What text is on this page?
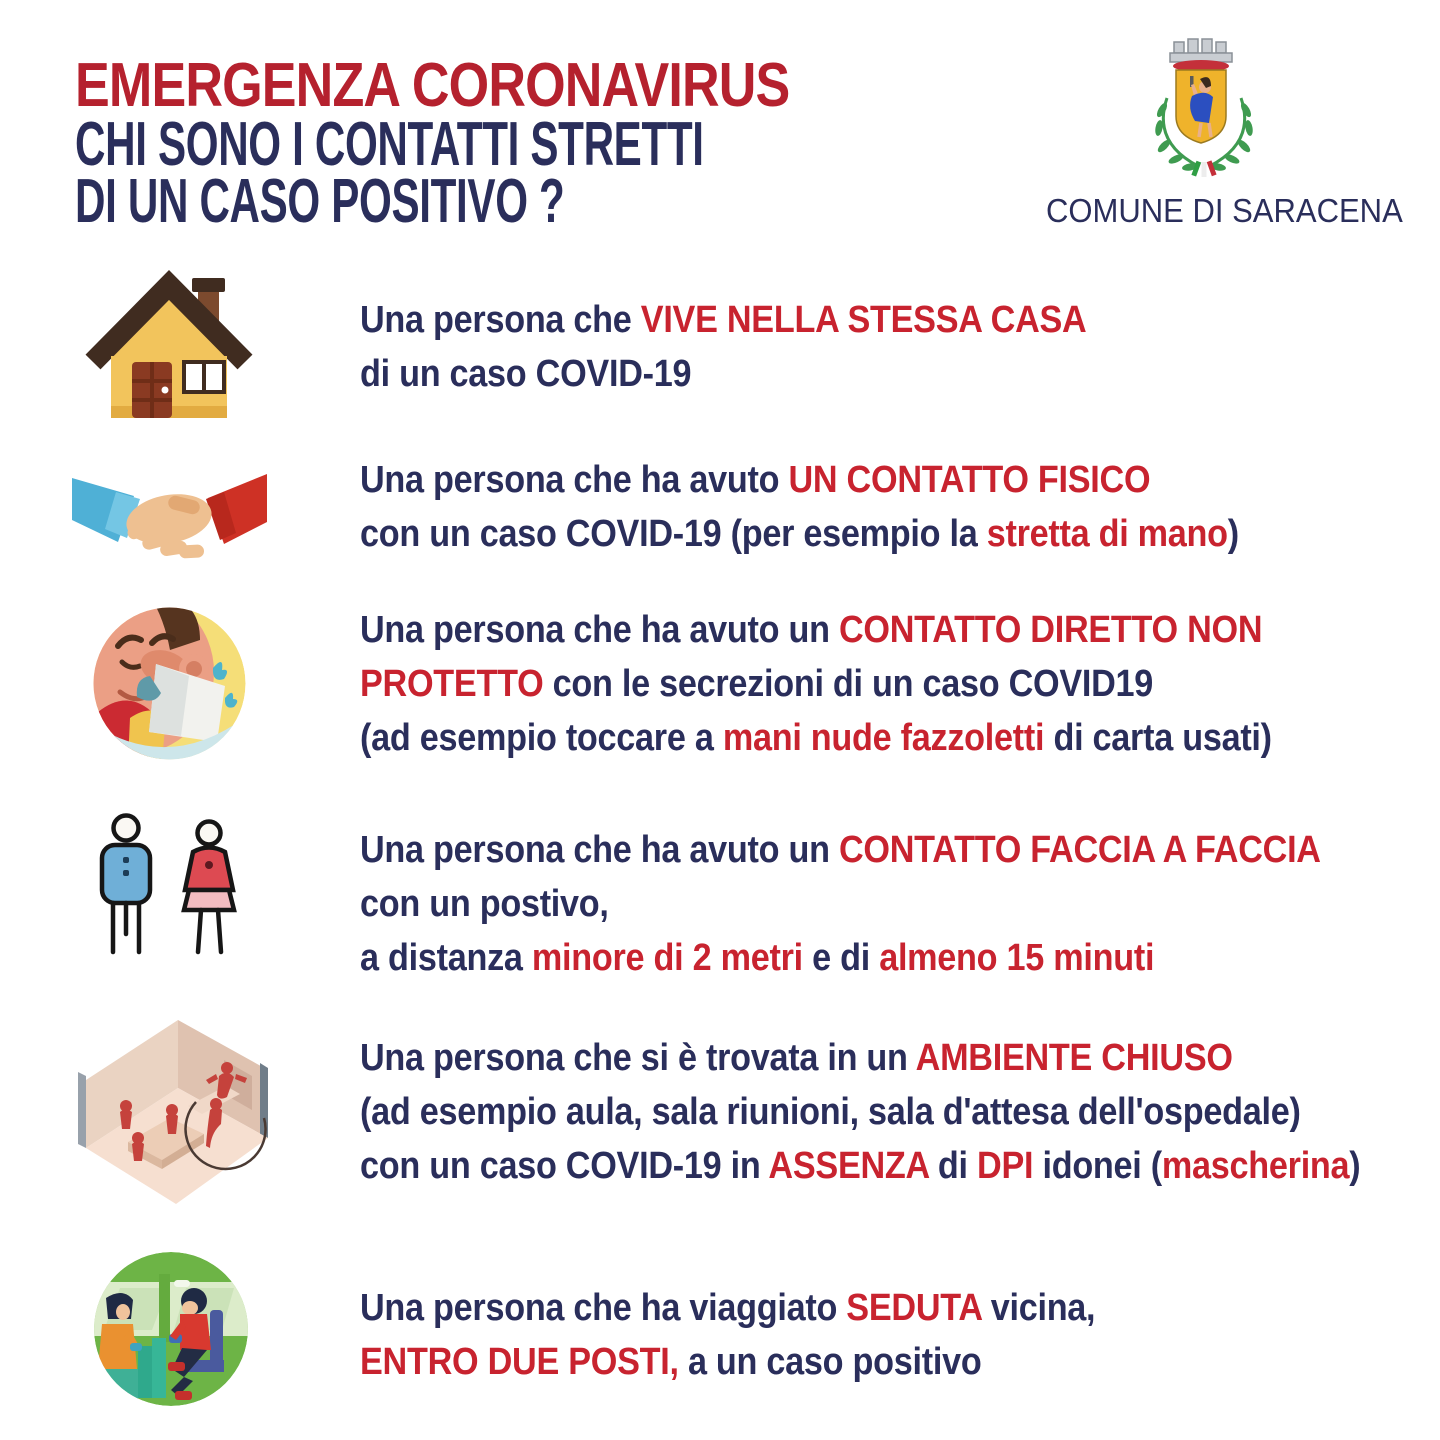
EMERGENZA CORONAVIRUS
CHI SONO I CONTATTI STRETTI
DI UN CASO POSITIVO ?	COMUNE DI SARACENA
Una persona che VIVE NELLA STESSA CASA
di un caso COVID-19
Una persona che ha avuto UN CONTATTO FISICO
con un caso COVID-19 (per esempio la stretta di mano)
Una persona che ha avuto un CONTATTO DIRETTO NON
PROTETTO con le secrezioni di un caso COVID19
(ad esempio toccare a mani nude fazzoletti di carta usati)
Una persona che ha avuto un CONTATTO FACCIA A FACCIA
con un postivo,
a distanza minore di 2 metri e di almeno 15 minuti
Una persona che si è trovata in un AMBIENTE CHIUSO
(ad esempio aula, sala riunioni, sala d'attesa dell'ospedale)
con un caso COVID-19 in ASSENZA di DPI idonei (mascherina)
Una persona che ha viaggiato SEDUTA vicina,
ENTRO DUE POSTI, a un caso positivo
